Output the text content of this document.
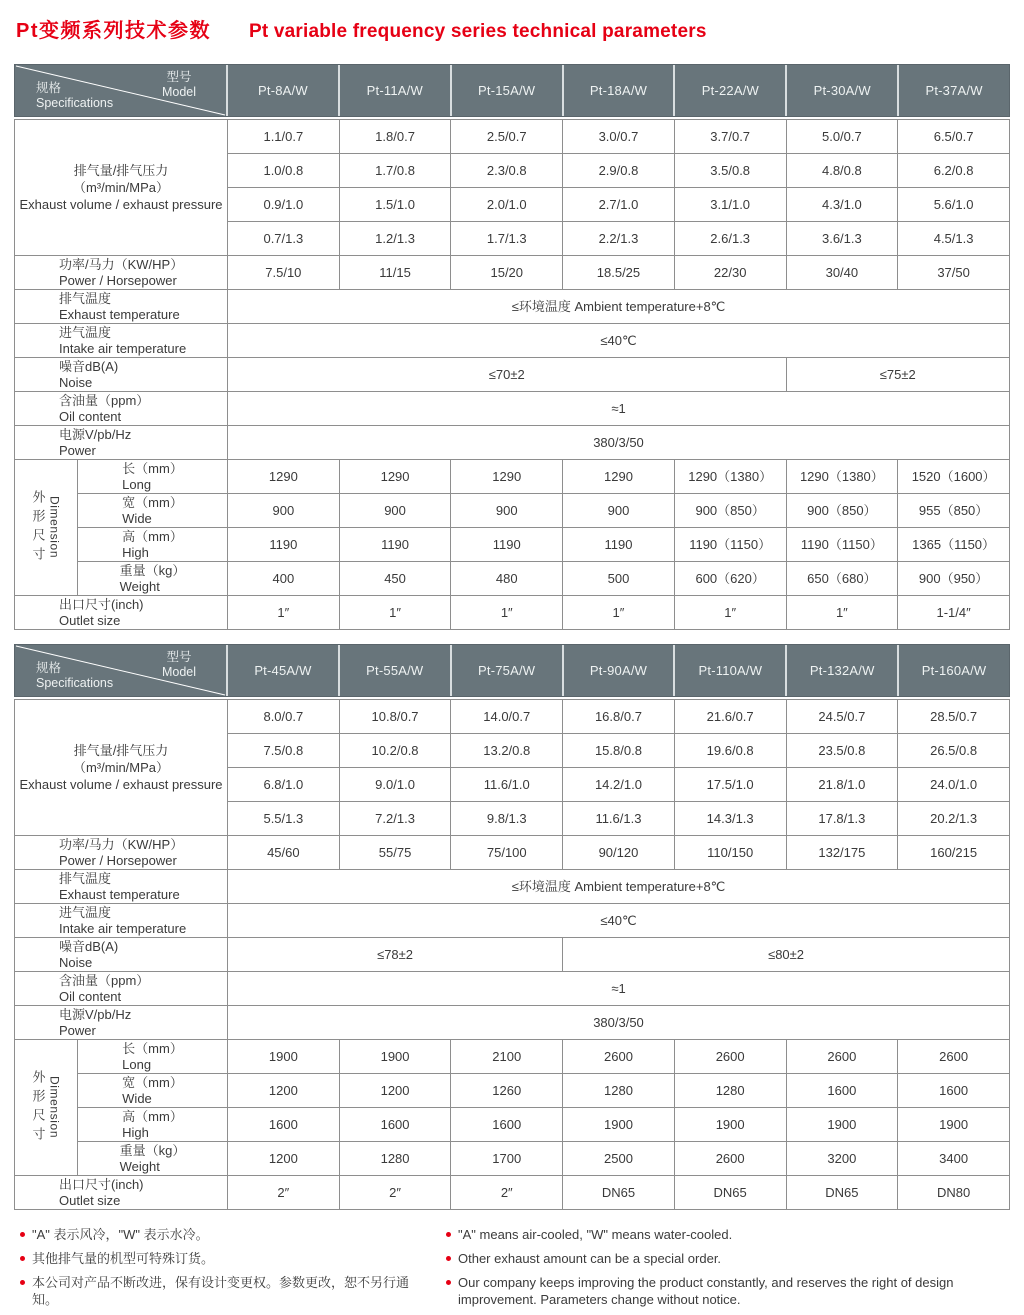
Pt变频系列技术参数 Pt variable frequency series technical parameters
型号
Model
规格
Specifications
Pt-8A/W	Pt-11A/W	Pt-15A/W	Pt-18A/W	Pt-22A/W	Pt-30A/W	Pt-37A/W
排气量/排气压力
（m³/min/MPa）
Exhaust volume / exhaust pressure		1.1/0.7	1.8/0.7	2.5/0.7	3.0/0.7	3.7/0.7	5.0/0.7	6.5/0.7
		1.0/0.8	1.7/0.8	2.3/0.8	2.9/0.8	3.5/0.8	4.8/0.8	6.2/0.8
		0.9/1.0	1.5/1.0	2.0/1.0	2.7/1.0	3.1/1.0	4.3/1.0	5.6/1.0
		0.7/1.3	1.2/1.3	1.7/1.3	2.2/1.3	2.6/1.3	3.6/1.3	4.5/1.3

功率/马力（KW/HP）
Power / Horsepower		7.5/10	11/15	15/20	18.5/25	22/30	30/40	37/50

排气温度
Exhaust temperature		≤环境温度 Ambient temperature+8℃						

进气温度
Intake air temperature		≤40℃						

噪音dB(A)
Noise		≤70±2					≤75±2	

含油量（ppm）
Oil content		≈1						

电源V/pb/Hz
Power		380/3/50						

外形尺寸 Dimension

长（mm）
Long
	1290	1290	1290	1290	1290（1380）	1290（1380）	1520（1600）

	宽（mm）
Wide	900	900	900	900	900（850）	900（850）	955（850）

	高（mm）
High	1190	1190	1190	1190	1190（1150）	1190（1150）	1365（1150）

	重量（kg）
Weight	400	450	480	500	600（620）	650（680）	900（950）

出口尺寸(inch)
Outlet size		1″	1″	1″	1″	1″	1″	1-1/4″
型号
Model
规格
Specifications
Pt-45A/W	Pt-55A/W	Pt-75A/W	Pt-90A/W	Pt-110A/W	Pt-132A/W	Pt-160A/W
排气量/排气压力
（m³/min/MPa）
Exhaust volume / exhaust pressure		8.0/0.7	10.8/0.7	14.0/0.7	16.8/0.7	21.6/0.7	24.5/0.7	28.5/0.7
		7.5/0.8	10.2/0.8	13.2/0.8	15.8/0.8	19.6/0.8	23.5/0.8	26.5/0.8
		6.8/1.0	9.0/1.0	11.6/1.0	14.2/1.0	17.5/1.0	21.8/1.0	24.0/1.0
		5.5/1.3	7.2/1.3	9.8/1.3	11.6/1.3	14.3/1.3	17.8/1.3	20.2/1.3

功率/马力（KW/HP）
Power / Horsepower		45/60	55/75	75/100	90/120	110/150	132/175	160/215

排气温度
Exhaust temperature		≤环境温度 Ambient temperature+8℃						

进气温度
Intake air temperature		≤40℃						

噪音dB(A)
Noise		≤78±2			≤80±2			

含油量（ppm）
Oil content		≈1						

电源V/pb/Hz
Power		380/3/50						

外形尺寸 Dimension

长（mm）
Long
	1900	1900	2100	2600	2600	2600	2600

	宽（mm）
Wide	1200	1200	1260	1280	1280	1600	1600

	高（mm）
High	1600	1600	1600	1900	1900	1900	1900

	重量（kg）
Weight	1200	1280	1700	2500	2600	3200	3400

出口尺寸(inch)
Outlet size		2″	2″	2″	DN65	DN65	DN65	DN80
"A" 表示风冷，"W" 表示水冷。
其他排气量的机型可特殊订货。
本公司对产品不断改进，保有设计变更权。参数更改，恕不另行通知。
"A" means air-cooled, "W" means water-cooled.
Other exhaust amount can be a special order.
Our company keeps improving the product constantly, and reserves the right of design improvement. Parameters change without notice.
